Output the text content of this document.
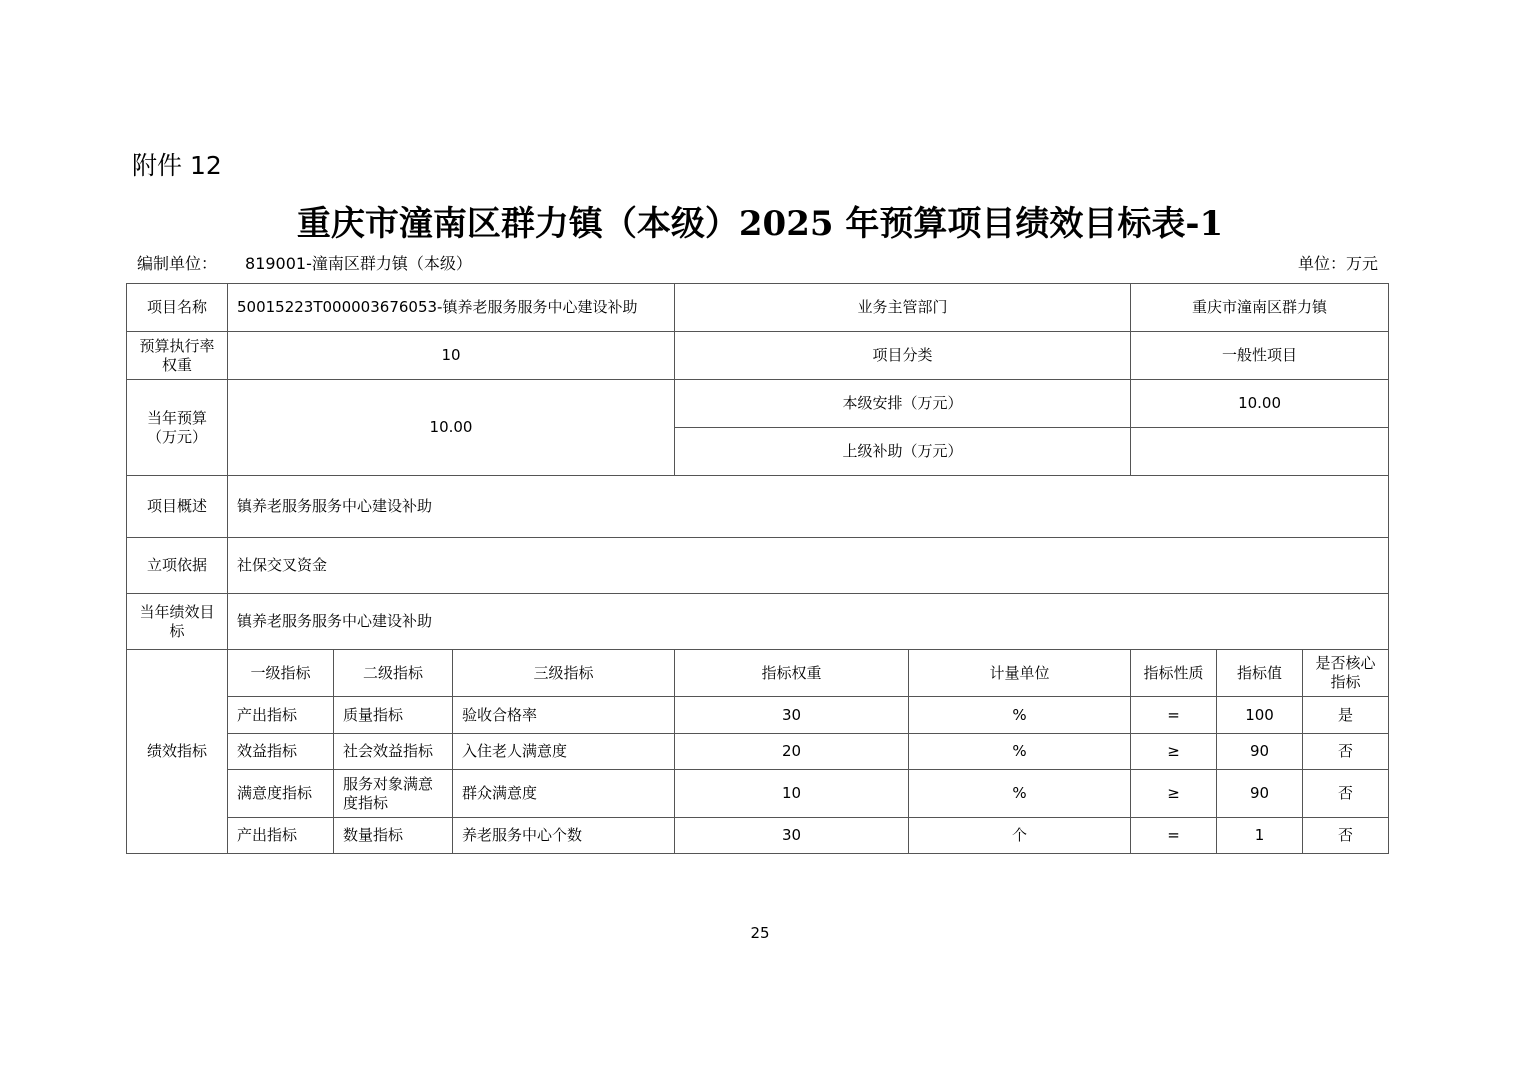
附件 12
重庆市潼南区群力镇（本级）2025 年预算项目绩效目标表-1
编制单位： 819001-潼南区群力镇（本级）	单位：万元
项目名称	50015223T000003676053-镇养老服务服务中心建设补助			业务主管部门		重庆市潼南区群力镇		
预算执行率权重	10			项目分类		一般性项目		
当年预算（万元）	10.00			本级安排（万元）		10.00		
				上级补助（万元）				
项目概述	镇养老服务服务中心建设补助							
立项依据	社保交叉资金							
当年绩效目标	镇养老服务服务中心建设补助							
绩效指标	一级指标	二级指标	三级指标	指标权重	计量单位	指标性质	指标值	是否核心指标
	产出指标	质量指标	验收合格率	30	%	=	100	是
	效益指标	社会效益指标	入住老人满意度	20	%	≥	90	否
	满意度指标	服务对象满意度指标	群众满意度	10	%	≥	90	否
	产出指标	数量指标	养老服务中心个数	30	个	=	1	否
25
